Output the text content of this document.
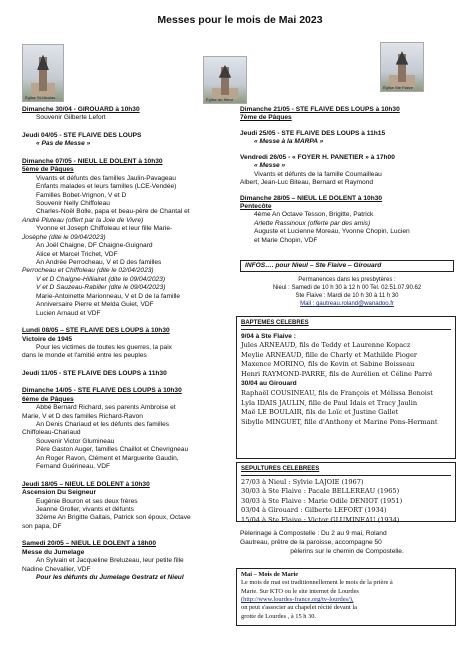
Messes pour le mois de Mai 2023
Église St-Nicolas	Église du Nieul
Église Ste Flaive
Dimanche 30/04 - GIROUARD à 10h30
Souvenir Gilberte Lefort
Jeudi 04/05 - STE FLAIVE DES LOUPS
« Pas de Messe »
Dimanche 07/05 - NIEUL LE DOLENT à 10h30
5ème de Pâques
Vivants et défunts des familles Jaulin-Pavageau
Enfants malades et leurs familles (LCE-Vendée)
Familles Bobet-Vrignon, V et D
Souvenir Nelly Chiffoleau
Charles-Noël Bolle, papa et beau-père de Chantal et
André Pluteau (offert par la Joie de Vivre)
Yvonne et Joseph Chiffoleau et leur fille Marie-
Josèphe (dite le 09/04/2023)
An Joël Chaigne, DF Chaigne-Guignard
Alice et Marcel Trichet, VDF
An Andrée Perrocheau, V et D des familles
Perrocheau et Chiffoleau (dite le 02/04/2023)
V et D Chaigne-Hilliairet (dite le 09/04/2023)
V et D Sauzeau-Rabiller (dite le 09/04/2023)
Marie-Antoinette Marionneau, V et D de la famille
Anniversaire Pierre et Melda Guiet, VDF
Lucien Arnaud et VDF
Lundi 08/05 – STE FLAIVE DES LOUPS à 10h30
Victoire de 1945
Pour les victimes de toutes les guerres, la paix
dans le monde et l'amitié entre les peuples
Jeudi 11/05 - STE FLAIVE DES LOUPS à 11h30
Dimanche 14/05 - STE FLAIVE DES LOUPS à 10h30
6ème de Pâques
Abbé Bernard Richard, ses parents Ambroise et
Marie, V et D des familles Richard-Ravon
An Denis Chariaud et les défunts des familles
Chiffoleau-Chariaud
Souvenir Victor Glumineau
Père Gaston Auger, familles Chaillot et Chevrigneau
An Roger Ravon, Clément et Marguerite Gaudin,
Fernand Guérineau, VDF
Jeudi 18/05 – NIEUL LE DOLENT à 10h30
Ascension Du Seigneur
Eugénie Bouron et ses deux frères
Jeanne Groller, vivants et défunts
32ème An Brigitte Gallais, Patrick son époux, Octave
son papa, DF
Samedi 20/05 – NIEUL LE DOLENT à 18h00
Messe du Jumelage
An Sylvain et Jacqueline Breluzeau, leur petite fille
Nadine Chevallier, VDF
Pour les défunts du Jumelage Gestratz et Nieul
Dimanche 21/05 - STE FLAIVE DES LOUPS à 10h30
7ème de Pâques
Jeudi 25/05 - STE FLAIVE DES LOUPS à 11h15
« Messe à la MARPA »
Vendredi 26/05 - « FOYER H. PANETIER » à 17h00
« Messe »
Vivants et défunts de la famille Coumailleau
Albert, Jean-Luc Biteau, Bernard et Raymond
Dimanche 28/05 – NIEUL LE DOLENT à 10h30
Pentecôte
4ème An Octave Tesson, Brigitte, Patrick
Arlette Rassinoux (offerte par des amis)
Auguste et Lucienne Moreau, Yvonne Chopin, Lucien
et Marie Chopin, VDF
INFOS…. pour Nieul – Ste Flaive – Girouard
Permanences dans les presbytères :
Nieul : Samedi de 10 h 30 à 12 h 00 Tel. 02.51.07.90.62
Ste Flaive : Mardi de 10 h 30 à 11 h 30
Mail : gautreau.roland@wanadoo.fr
BAPTEMES CELEBRES
9/04 à Ste Flaive :
Jules ARNEAUD, fils de Teddy et Laurenne Kopacz
Meylie ARNEAUD, fille de Charly et Mathilde Pioger
Maxence MORINO, fils de Kevin et Sabine Boisseau
Henri RAYMOND-PARRE, fils de Aurélien et Céline Parré
30/04 au Girouard
Raphaël COUSINEAU, fils de François et Mélissa Benoist
Lyla IDAIS JAULIN, fille de Paul Idais et Tracy Jaulin
Maë LE BOULAIR, fils de Loïc et Justine Gallet
Sibylle MINGUET, fille d'Anthony et Marine Pons-Hermant
SEPULTURES CELEBREES
27/03 à Nieul : Sylvie LAJOIE (1967)
30/03 à Ste Flaive : Pacale BELLEREAU (1965)
30/03 à Ste Flaive : Marie Odile DENIOT (1951)
03/04 à Girouard : Gilberte LEFORT (1934)
15/04 à Ste Flaive : Victor GLUMINEAU (1934)
Pèlerinage à Compostelle : Du 2 au 9 mai, Roland
Gautreau, prêtre de la paroisse, accompagne 50
pèlerins sur le chemin de Compostelle.
Mai – Mois de Marie
Le mois de mai est traditionnellement le mois de la prière à
Marie. Sur KTO ou le site internet de Lourdes
(http://www.lourdes-france.org/tv-lourdes/),
on peut s'associer au chapelet récité devant la
grotte de Lourdes , à 15 h 30.
